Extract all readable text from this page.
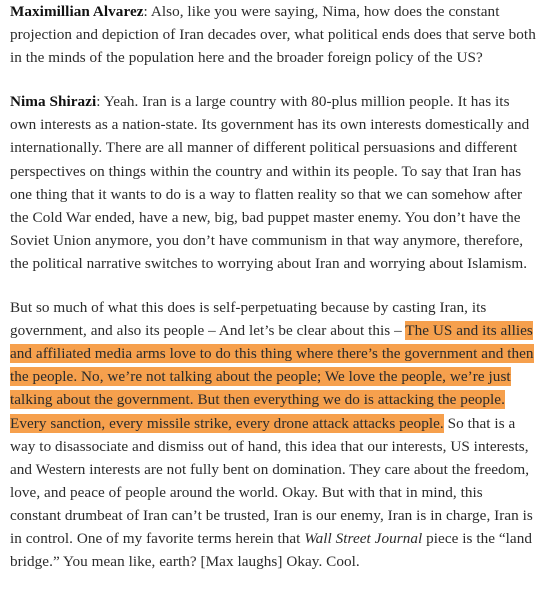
Maximillian Alvarez: Also, like you were saying, Nima, how does the constant projection and depiction of Iran decades over, what political ends does that serve both in the minds of the population here and the broader foreign policy of the US?

Nima Shirazi: Yeah. Iran is a large country with 80-plus million people. It has its own interests as a nation-state. Its government has its own interests domestically and internationally. There are all manner of different political persuasions and different perspectives on things within the country and within its people. To say that Iran has one thing that it wants to do is a way to flatten reality so that we can somehow after the Cold War ended, have a new, big, bad puppet master enemy. You don’t have the Soviet Union anymore, you don’t have communism in that way anymore, therefore, the political narrative switches to worrying about Iran and worrying about Islamism.

But so much of what this does is self-perpetuating because by casting Iran, its government, and also its people – And let’s be clear about this – The US and its allies and affiliated media arms love to do this thing where there’s the government and then the people. No, we’re not talking about the people; We love the people, we’re just talking about the government. But then everything we do is attacking the people. Every sanction, every missile strike, every drone attack attacks people. So that is a way to disassociate and dismiss out of hand, this idea that our interests, US interests, and Western interests are not fully bent on domination. They care about the freedom, love, and peace of people around the world. Okay. But with that in mind, this constant drumbeat of Iran can’t be trusted, Iran is our enemy, Iran is in charge, Iran is in control. One of my favorite terms herein that Wall Street Journal piece is the “land bridge.” You mean like, earth? [Max laughs] Okay. Cool.
